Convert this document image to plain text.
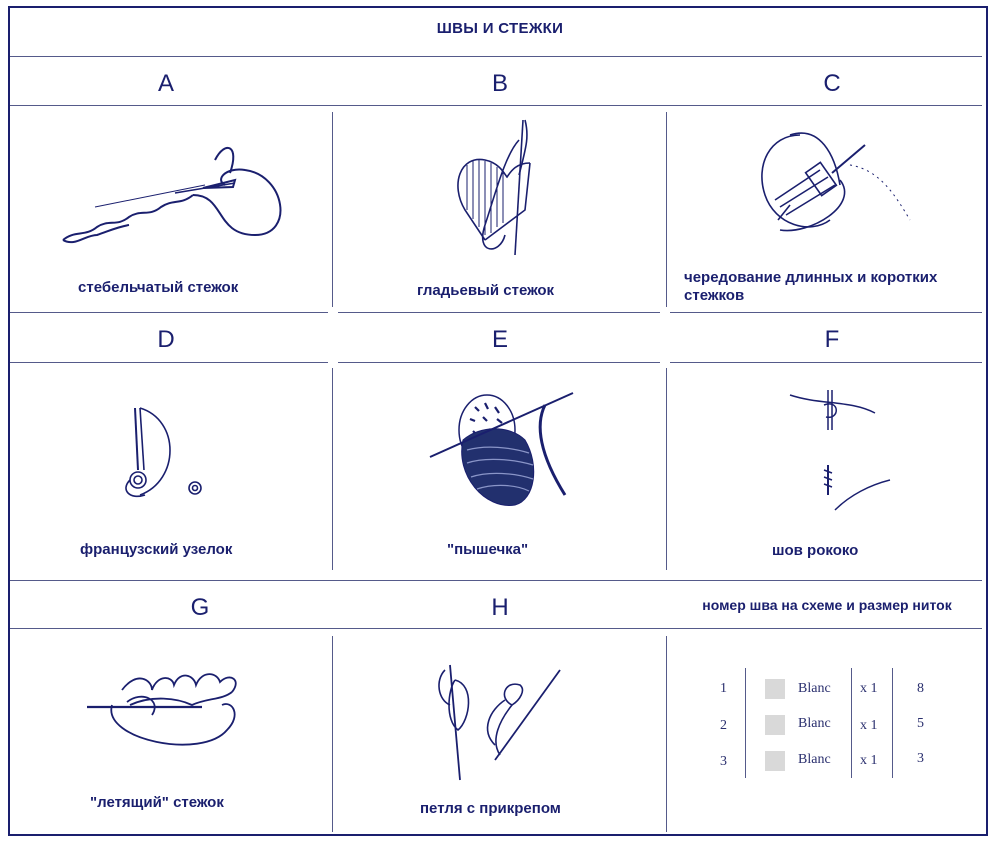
ШВЫ И СТЕЖКИ
A	B	C
D	E	F
G	H
стебельчатый стежок	гладьевый стежок
чередование длинных и коротких стежков
французский узелок	"пышечка"	шов рококо
"летящий" стежок	петля с прикрепом
номер шва на схеме и размер ниток
1	Blanc x 1	8
2	Blanc x 1	5
3	Blanc x 1	3
